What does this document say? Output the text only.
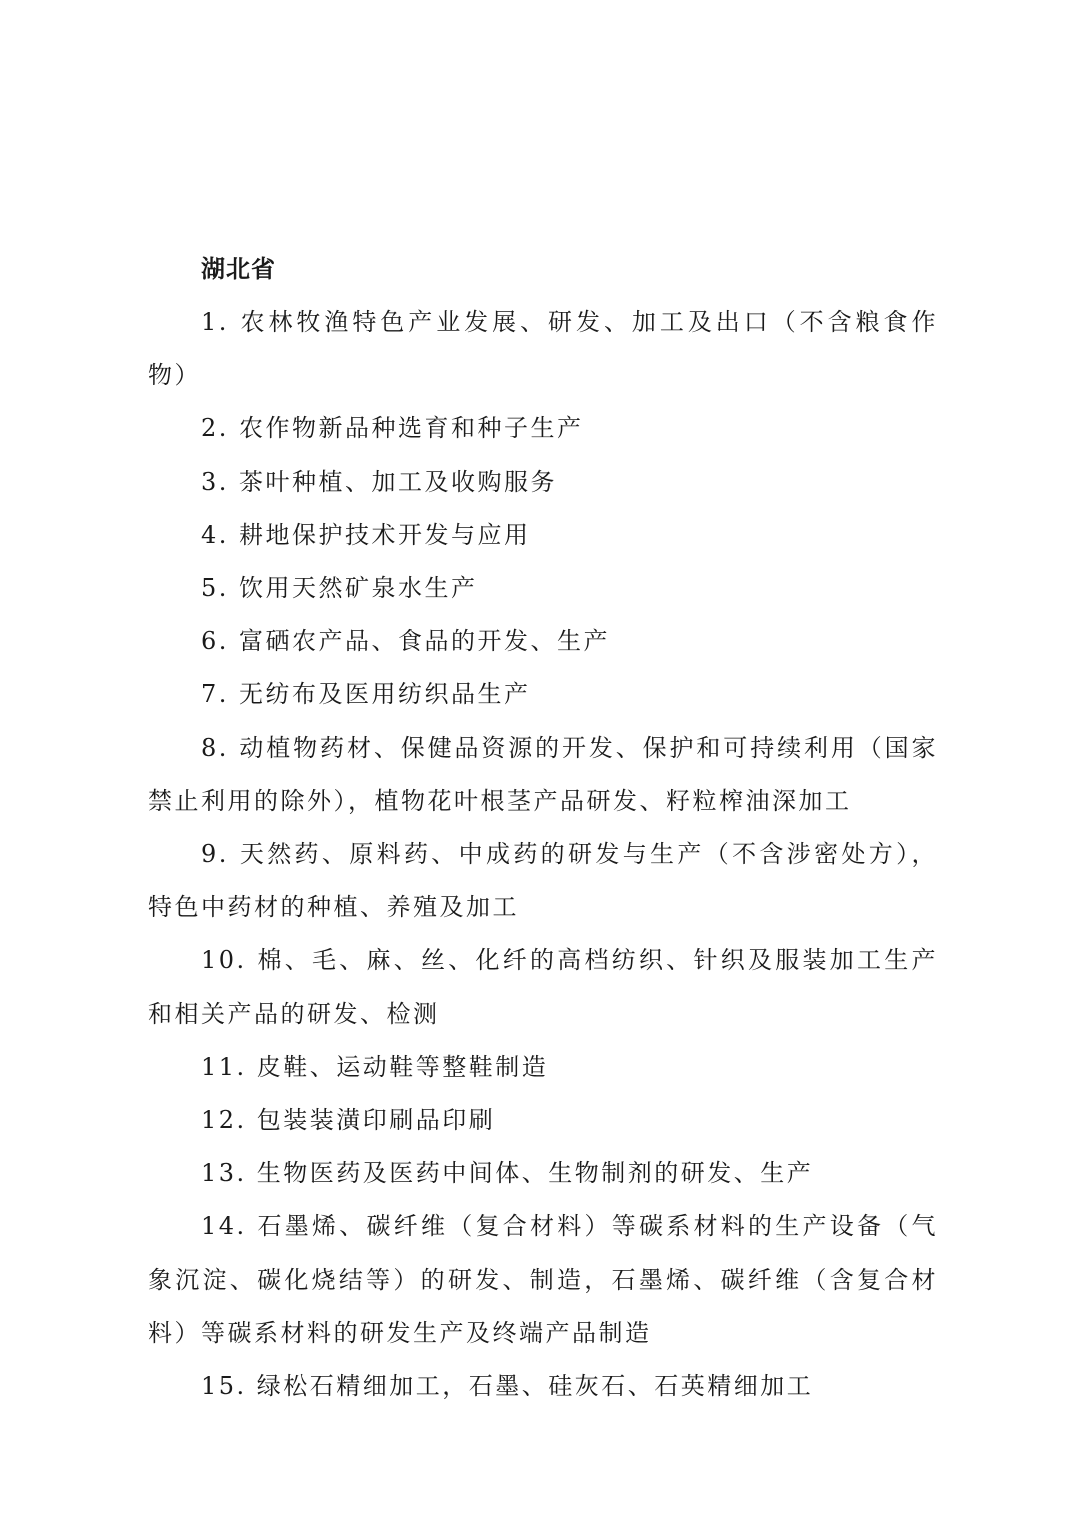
湖北省

1. 农林牧渔特色产业发展、研发、加工及出口（不含粮食作物）

2. 农作物新品种选育和种子生产

3. 茶叶种植、加工及收购服务

4. 耕地保护技术开发与应用

5. 饮用天然矿泉水生产

6. 富硒农产品、食品的开发、生产

7. 无纺布及医用纺织品生产

8. 动植物药材、保健品资源的开发、保护和可持续利用（国家禁止利用的除外），植物花叶根茎产品研发、籽粒榨油深加工

9. 天然药、原料药、中成药的研发与生产（不含涉密处方），特色中药材的种植、养殖及加工

10. 棉、毛、麻、丝、化纤的高档纺织、针织及服装加工生产和相关产品的研发、检测

11. 皮鞋、运动鞋等整鞋制造

12. 包装装潢印刷品印刷

13. 生物医药及医药中间体、生物制剂的研发、生产

14. 石墨烯、碳纤维（复合材料）等碳系材料的生产设备（气象沉淀、碳化烧结等）的研发、制造，石墨烯、碳纤维（含复合材料）等碳系材料的研发生产及终端产品制造

15. 绿松石精细加工，石墨、硅灰石、石英精细加工
